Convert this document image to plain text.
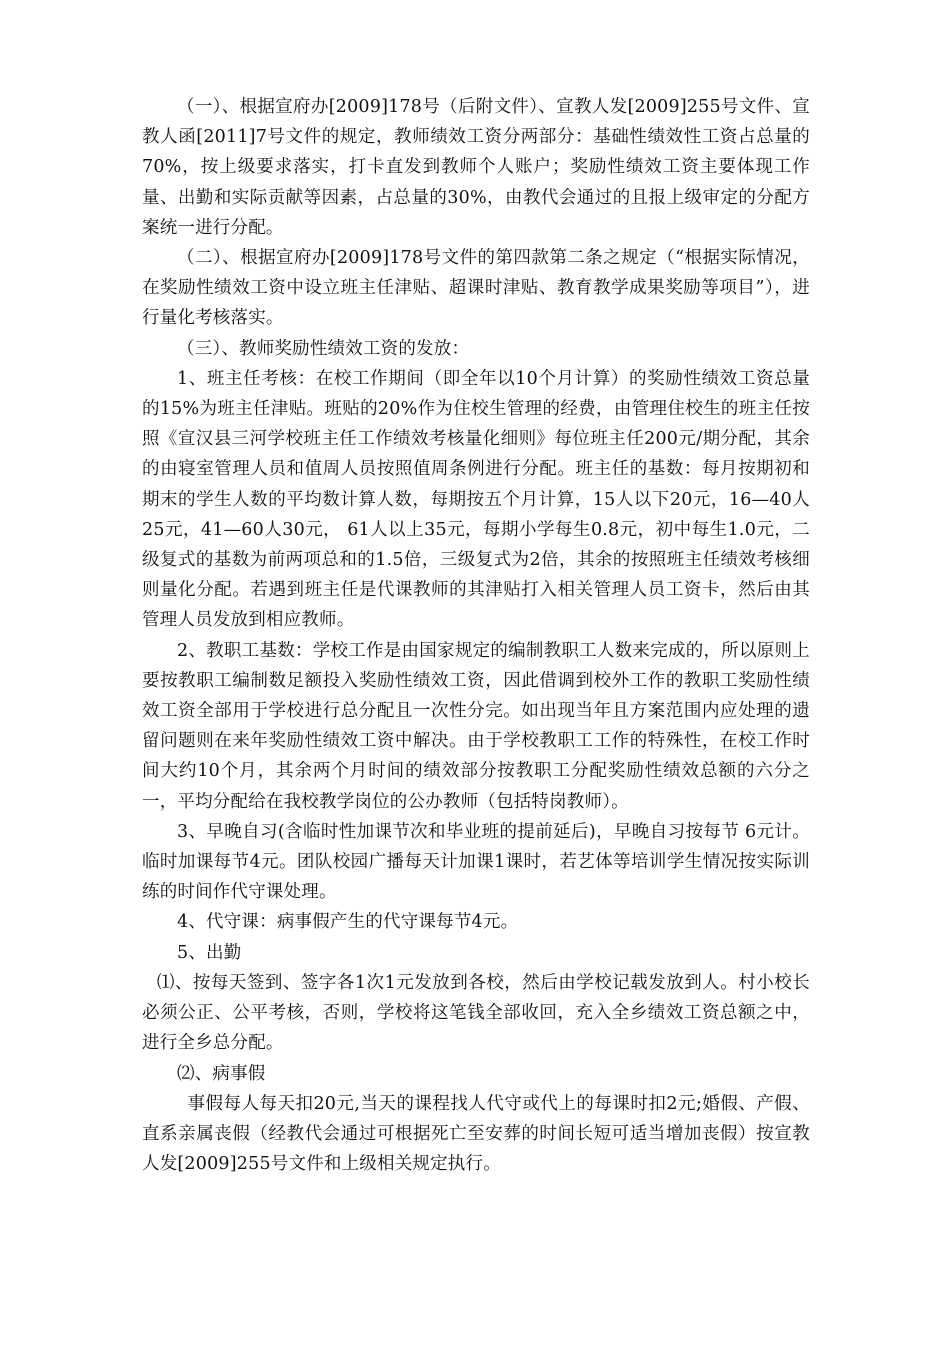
（一）、根据宣府办[2009]178号（后附文件）、宣教人发[2009]255号文件、宣教人函[2011]7号文件的规定，教师绩效工资分两部分：基础性绩效性工资占总量的70%，按上级要求落实，打卡直发到教师个人账户；奖励性绩效工资主要体现工作量、出勤和实际贡献等因素，占总量的30%，由教代会通过的且报上级审定的分配方案统一进行分配。

（二）、根据宣府办[2009]178号文件的第四款第二条之规定（“根据实际情况，在奖励性绩效工资中设立班主任津贴、超课时津贴、教育教学成果奖励等项目”），进行量化考核落实。

（三）、教师奖励性绩效工资的发放：

1、班主任考核：在校工作期间（即全年以10个月计算）的奖励性绩效工资总量的15%为班主任津贴。班贴的20%作为住校生管理的经费，由管理住校生的班主任按照《宣汉县三河学校班主任工作绩效考核量化细则》每位班主任200元/期分配，其余的由寝室管理人员和值周人员按照值周条例进行分配。班主任的基数：每月按期初和期末的学生人数的平均数计算人数，每期按五个月计算，15人以下20元，16—40人25元，41—60人30元， 61人以上35元，每期小学每生0.8元，初中每生1.0元，二级复式的基数为前两项总和的1.5倍，三级复式为2倍，其余的按照班主任绩效考核细则量化分配。若遇到班主任是代课教师的其津贴打入相关管理人员工资卡，然后由其管理人员发放到相应教师。

2、教职工基数：学校工作是由国家规定的编制教职工人数来完成的，所以原则上要按教职工编制数足额投入奖励性绩效工资，因此借调到校外工作的教职工奖励性绩效工资全部用于学校进行总分配且一次性分完。如出现当年且方案范围内应处理的遗留问题则在来年奖励性绩效工资中解决。由于学校教职工工作的特殊性，在校工作时间大约10个月，其余两个月时间的绩效部分按教职工分配奖励性绩效总额的六分之一，平均分配给在我校教学岗位的公办教师（包括特岗教师）。

3、早晚自习(含临时性加课节次和毕业班的提前延后)，早晚自习按每节 6元计。临时加课每节4元。团队校园广播每天计加课1课时，若艺体等培训学生情况按实际训练的时间作代守课处理。

4、代守课：病事假产生的代守课每节4元。

5、出勤

⑴、按每天签到、签字各1次1元发放到各校，然后由学校记载发放到人。村小校长必须公正、公平考核，否则，学校将这笔钱全部收回，充入全乡绩效工资总额之中，进行全乡总分配。

⑵、病事假

事假每人每天扣20元,当天的课程找人代守或代上的每课时扣2元;婚假、产假、直系亲属丧假（经教代会通过可根据死亡至安葬的时间长短可适当增加丧假）按宣教人发[2009]255号文件和上级相关规定执行。
